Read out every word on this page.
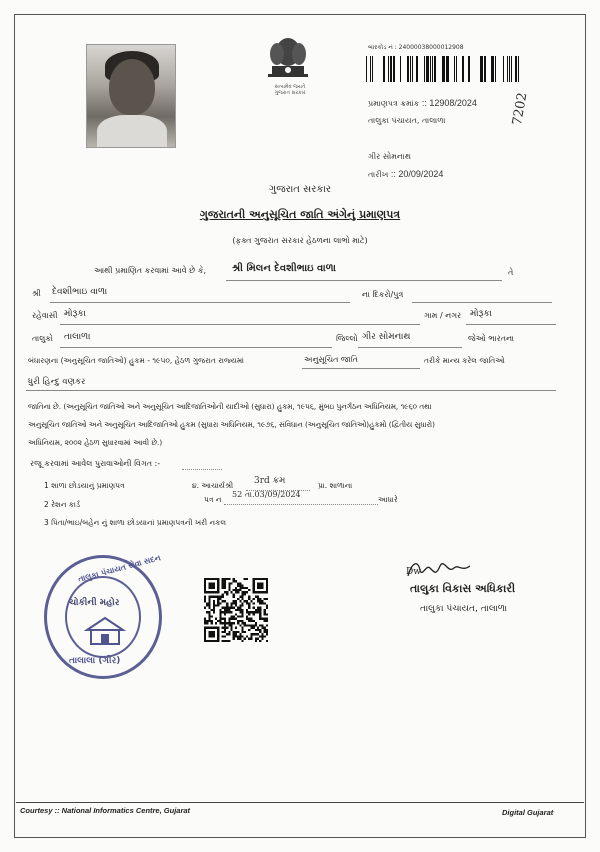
સત્યમેવ જયતે
ગુજરાત સરકાર
બારકોડ નં : 24000038000012908
પ્રમાણપત્ર ક્રમાંક :: 12908/2024	7202
તાલુકા પંચાયત, તાલાળા
ગીર સોમનાથ
તારીખ :: 20/09/2024
ગુજરાત સરકાર
ગુજરાતની અનુસૂચિત જાતિ અંગેનું પ્રમાણપત્ર
(ફક્ત ગુજરાત સરકાર હેઠળના લાભો માટે)
આથી પ્રમાણિત કરવામાં આવે છે કે,	શ્રી મિલન દેવશીભાઇ વાળા	તે
શ્રી દેવશીભાઇ વાળા	ના દિકરો/પુત્ર
રહેવાસી મોરૂકા	ગામ / નગર મોરૂકા
તાલુકો તાલાળા	જિલ્લો ગીર સોમનાથ	જેઓ ભારતના
બંધારણના (અનુસૂચિત જાતિઓ) હુકમ - ૧૯૫૦, હેઠળ ગુજરાત રાજ્યમાં	અનુસૂચિત જાતિ	તરીકે માન્ય કરેલ જાતિઓ
ધુરી હિન્દુ વણકર
જાતિના છે. (અનુસૂચિત જાતિઓ અને અનુસૂચિત આદિજાતિઓની યાદીઓ (સુધારા) હુકમ, ૧૯૫૬, મુંબઇ પુનર્ગઠન અધિનિયમ, ૧૯૬૦ તથા
અનુસૂચિત જાતિઓ અને અનુસૂચિત આદિજાતિઓ હુકમ (સુધારા અધિનિયમ, ૧૯૭૬, સંવિધાન (અનુસૂચિત જાતિઓ)હુકમો (દ્વિતીય સુધારો)
અધિનિયમ, ૨૦૦૨ હેઠળ સુધારવામાં આવી છે.)
રજૂ કરવામાં આવેલ પુરાવાઓની વિગત :-
1 શાળા છોડયાનું પ્રમાણપત્ર
2 રેશન કાર્ડ
3 પિતા/ભાઇ/બહેન નું શાળા છોડયાનાં પ્રમાણપત્રની ખરી નકલ
૪. આચાર્યશ્રી 3rd ક્રમ	પ્રા. શાળાના
પત્ર ન
52 તા.03/09/2024
આધારે
તાલુકા પંચાયત સેવા સદન
ચોકીની મહોર
તાલાલા (ગીર)
Dw
તાલુકા વિકાસ અધિકારી
તાલુકા પંચાયત, તાલાળા
Courtesy :: National Informatics Centre, Gujarat	Digital Gujarat
